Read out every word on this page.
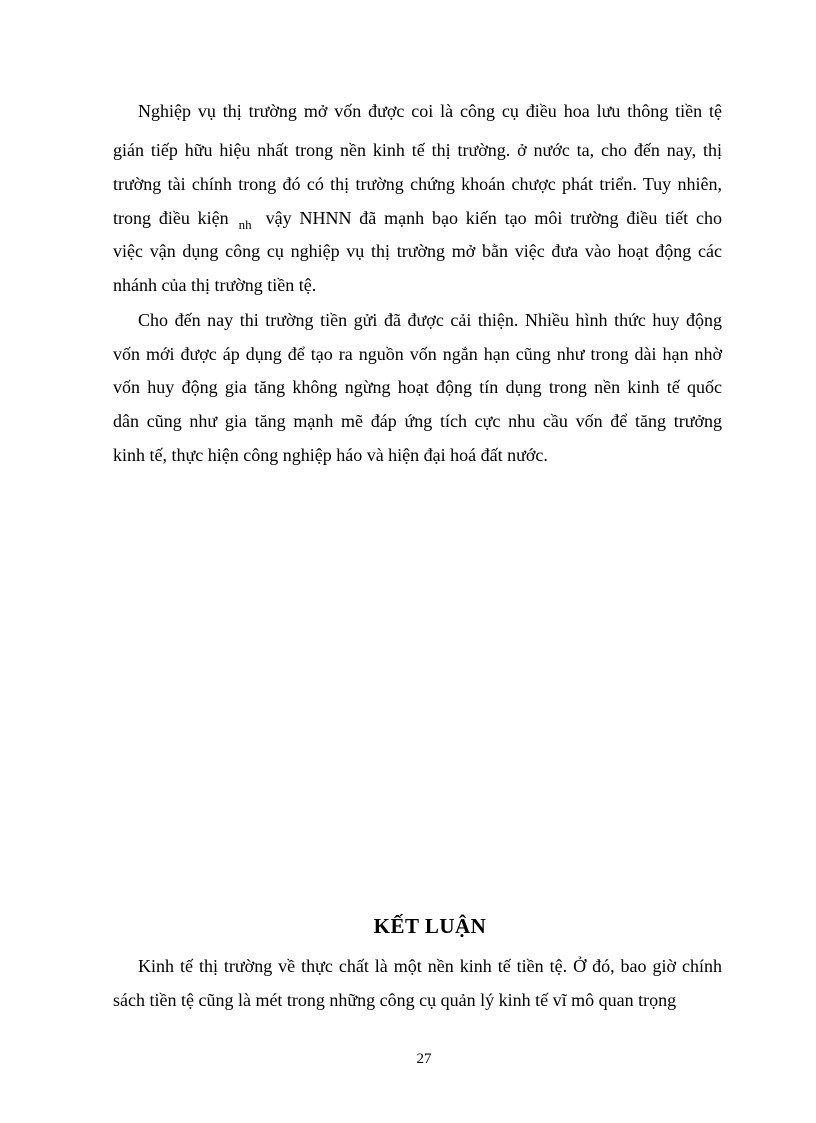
Nghiệp vụ thị trường mở vốn được coi là công cụ điều hoa lưu thông tiền tệ
gián tiếp hữu hiệu nhất trong nền kinh tế thị trường. ở nước ta, cho đến nay, thị
trường tài chính trong đó có thị trường chứng khoán chược phát triển. Tuy nhiên,
trong điều kiện nh vậy NHNN đã mạnh bạo kiến tạo môi trường điều tiết cho
việc vận dụng công cụ nghiệp vụ thị trường mở bằn việc đưa vào hoạt động các
nhánh của thị trường tiền tệ.
Cho đến nay thi trường tiền gửi đã được cải thiện. Nhiều hình thức huy động
vốn mới được áp dụng để tạo ra nguồn vốn ngắn hạn cũng như trong dài hạn nhờ
vốn huy động gia tăng không ngừng hoạt động tín dụng trong nền kinh tế quốc
dân cũng như gia tăng mạnh mẽ đáp ứng tích cực nhu cầu vốn để tăng trưởng
kinh tế, thực hiện công nghiệp háo và hiện đại hoá đất nước.
KẾT LUẬN
Kinh tế thị trường về thực chất là một nền kinh tế tiền tệ. Ở đó, bao giờ chính
sách tiền tệ cũng là mét trong những công cụ quản lý kinh tế vĩ mô quan trọng
27
